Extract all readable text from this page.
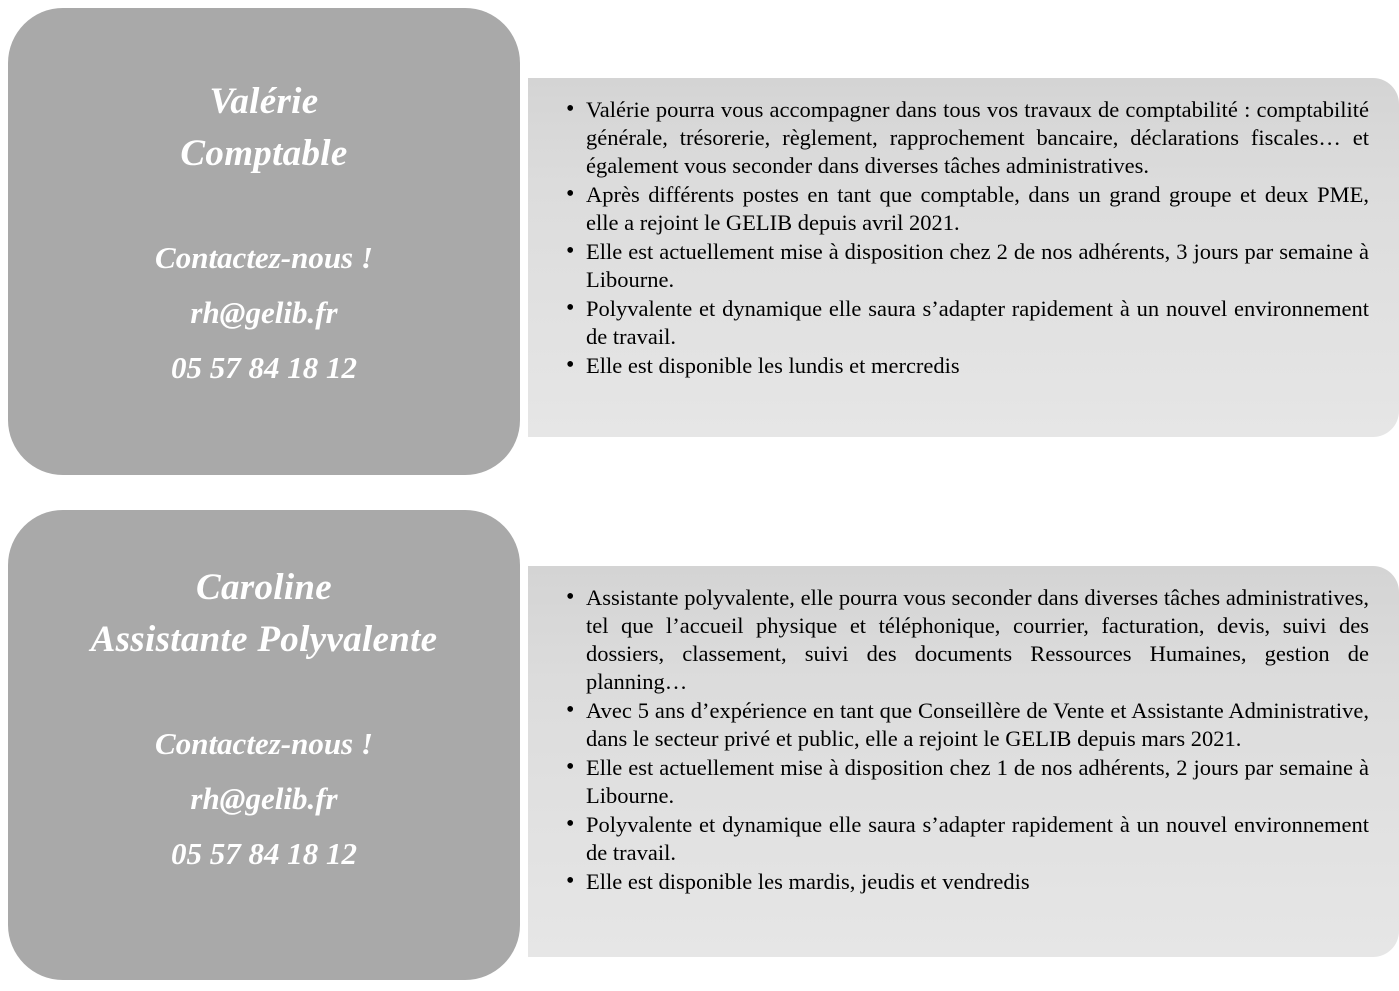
Valérie
Comptable
Contactez-nous !
rh@gelib.fr
05 57 84 18 12
• Valérie pourra vous accompagner dans tous vos travaux de comptabilité : comptabilité générale, trésorerie, règlement, rapprochement bancaire, déclarations fiscales… et également vous seconder dans diverses tâches administratives.
• Après différents postes en tant que comptable, dans un grand groupe et deux PME, elle a rejoint le GELIB depuis avril 2021.
• Elle est actuellement mise à disposition chez 2 de nos adhérents, 3 jours par semaine à Libourne.
• Polyvalente et dynamique elle saura s’adapter rapidement à un nouvel environnement de travail.
• Elle est disponible les lundis et mercredis
Caroline
Assistante Polyvalente
Contactez-nous !
rh@gelib.fr
05 57 84 18 12
• Assistante polyvalente, elle pourra vous seconder dans diverses tâches administratives, tel que l’accueil physique et téléphonique, courrier, facturation, devis, suivi des dossiers, classement, suivi des documents Ressources Humaines, gestion de planning…
• Avec 5 ans d’expérience en tant que Conseillère de Vente et Assistante Administrative, dans le secteur privé et public, elle a rejoint le GELIB depuis mars 2021.
• Elle est actuellement mise à disposition chez 1 de nos adhérents, 2 jours par semaine à Libourne.
• Polyvalente et dynamique elle saura s’adapter rapidement à un nouvel environnement de travail.
• Elle est disponible les mardis, jeudis et vendredis
